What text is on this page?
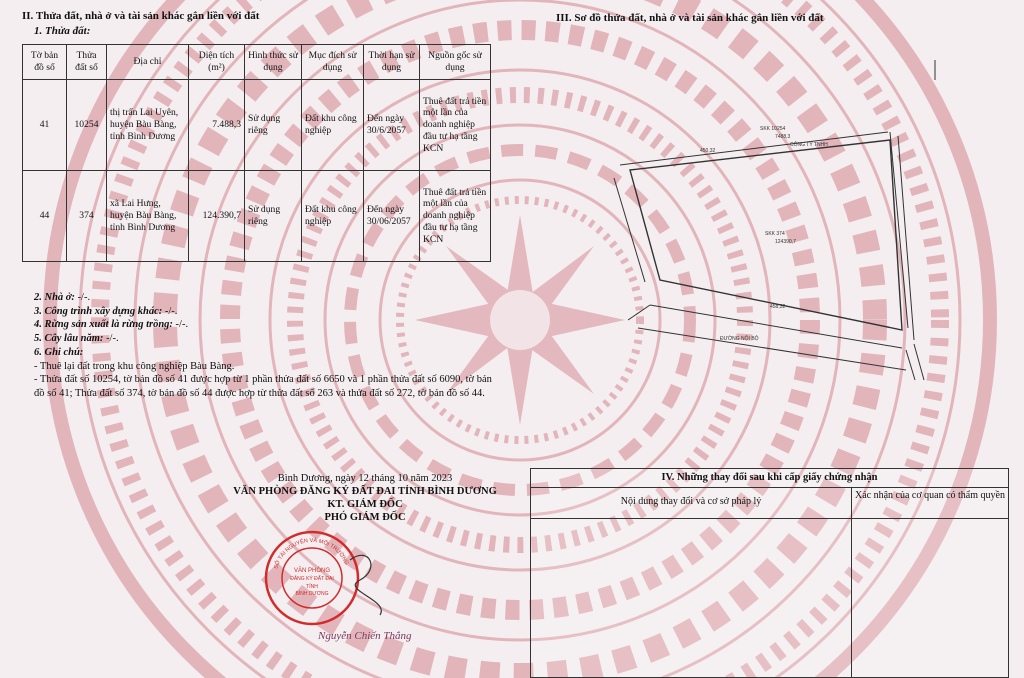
II. Thửa đất, nhà ở và tài sản khác gắn liền với đất
1. Thửa đất:
III. Sơ đồ thửa đất, nhà ở và tài sản khác gắn liền với đất
Tờ bản đồ số	Thửa đất số	Địa chỉ	Diện tích (m²)	Hình thức sử dụng	Mục đích sử dụng	Thời hạn sử dụng	Nguồn gốc sử dụng
41	10254	thị trấn Lai Uyên, huyện Bàu Bàng, tỉnh Bình Dương	7.488,3	Sử dụng riêng	Đất khu công nghiệp	Đến ngày 30/6/2057	Thuê đất trả tiền một lần của doanh nghiệp đầu tư hạ tầng KCN
44	374	xã Lai Hưng, huyện Bàu Bàng, tỉnh Bình Dương	124.390,7	Sử dụng riêng	Đất khu công nghiệp	Đến ngày 30/06/2057	Thuê đất trả tiền một lần của doanh nghiệp đầu tư hạ tầng KCN
2. Nhà ở: -/-.
3. Công trình xây dựng khác: -/-.
4. Rừng sản xuất là rừng trồng: -/-.
5. Cây lâu năm: -/-.
6. Ghi chú:
- Thuê lại đất trong khu công nghiệp Bàu Bàng.
- Thửa đất số 10254, tờ bản đồ số 41 được hợp từ 1 phần thửa đất số 6650 và 1 phần thửa đất số 6090, tờ bản đồ số 41; Thửa đất số 374, tờ bản đồ số 44 được hợp từ thửa đất số 263 và thửa đất số 272, tờ bản đồ số 44.
SKK 10254
7488,3
SKK 374
124390,7
450,32
458,32
ĐƯỜNG NỘI BỘ
CÔNG TY TNHH
Bình Dương, ngày 12 tháng 10 năm 2023
VĂN PHÒNG ĐĂNG KÝ ĐẤT ĐAI TỈNH BÌNH DƯƠNG
KT. GIÁM ĐỐC
PHÓ GIÁM ĐỐC
VĂN PHÒNG
ĐĂNG KÝ ĐẤT ĐAI
TỈNH
BÌNH DƯƠNG
SỞ TÀI NGUYÊN VÀ MÔI TRƯỜNG
Nguyễn Chiến Thắng
IV. Những thay đổi sau khi cấp giấy chứng nhận
Nội dung thay đổi và cơ sở pháp lý
Xác nhận của cơ quan có thẩm quyền
